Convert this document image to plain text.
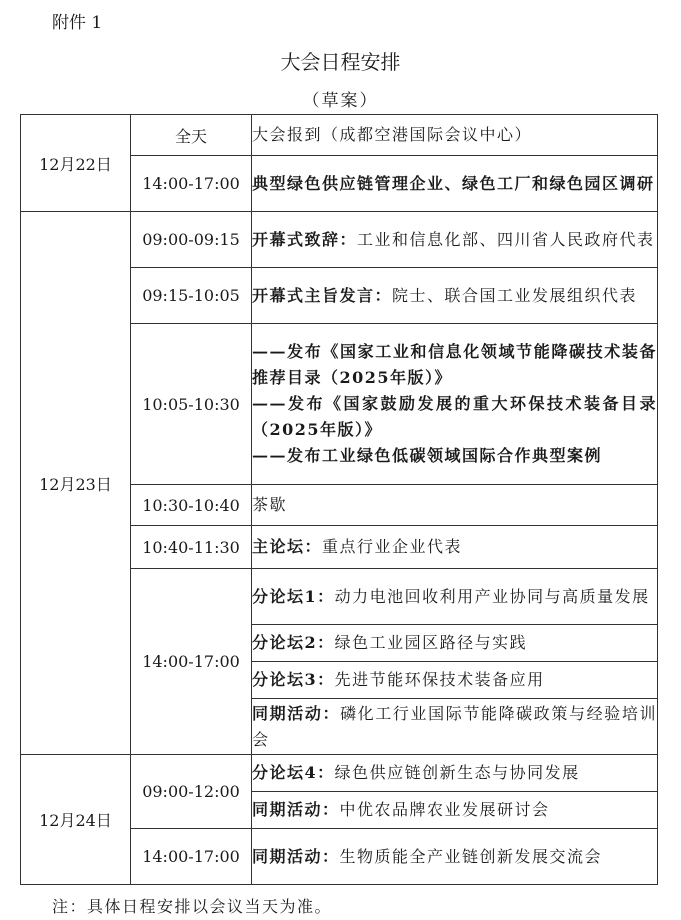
附件 1
大会日程安排
（草案）
12月22日	全天	大会报到（成都空港国际会议中心）
	14:00-17:00	典型绿色供应链管理企业、绿色工厂和绿色园区调研
12月23日	09:00-09:15	开幕式致辞：工业和信息化部、四川省人民政府代表
	09:15-10:05	开幕式主旨发言：院士、联合国工业发展组织代表
	10:05-10:30	——发布《国家工业和信息化领域节能降碳技术装备推荐目录（2025年版）》
——发布《国家鼓励发展的重大环保技术装备目录（2025年版）》
——发布工业绿色低碳领域国际合作典型案例

	10:30-10:40	茶歇
	10:40-11:30	主论坛：重点行业企业代表
	14:00-17:00	分论坛1：动力电池回收利用产业协同与高质量发展
		分论坛2：绿色工业园区路径与实践
		分论坛3：先进节能环保技术装备应用
		同期活动：磷化工行业国际节能降碳政策与经验培训会
12月24日	09:00-12:00	分论坛4：绿色供应链创新生态与协同发展
		同期活动：中优农品牌农业发展研讨会
	14:00-17:00	同期活动：生物质能全产业链创新发展交流会
注：具体日程安排以会议当天为准。
